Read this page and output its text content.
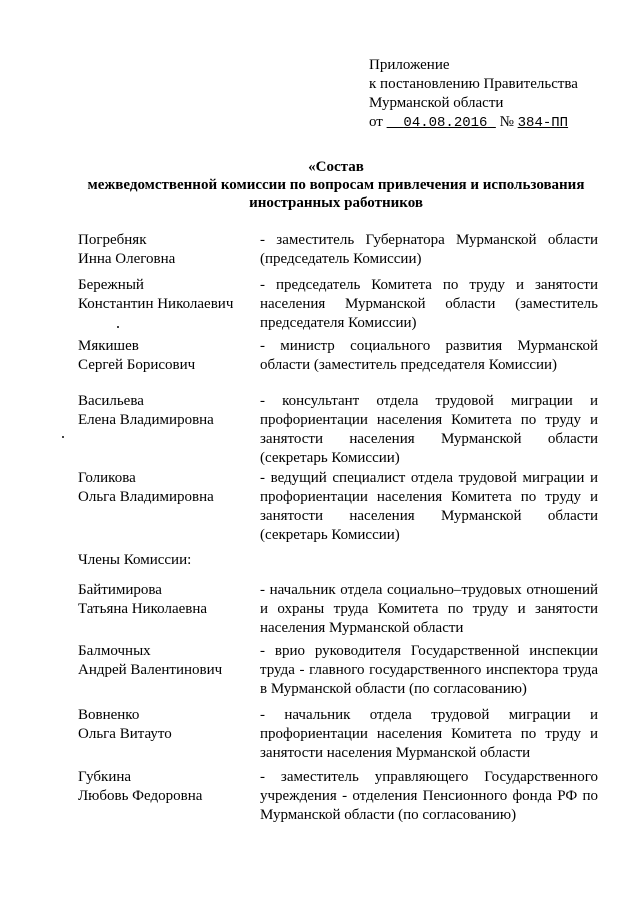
Приложение
к постановлению Правительства
Мурманской области
от 04.08.2016 № 384-ПП
«Состав
межведомственной комиссии по вопросам привлечения и использования
иностранных работников
Погребняк
Инна Олеговна
- заместитель Губернатора Мурманской области (председатель Комиссии)
Бережный
Константин Николаевич
- председатель Комитета по труду и занятости населения Мурманской области (заместитель председателя Комиссии)
Мякишев
Сергей Борисович
- министр социального развития Мурманской области (заместитель председателя Комиссии)
Васильева
Елена Владимировна
- консультант отдела трудовой миграции и профориентации населения Комитета по труду и занятости населения Мурманской области (секретарь Комиссии)
Голикова
Ольга Владимировна
- ведущий специалист отдела трудовой миграции и профориентации населения Комитета по труду и занятости населения Мурманской области (секретарь Комиссии)
Члены Комиссии:
Байтимирова
Татьяна Николаевна
- начальник отдела социально–трудовых отношений и охраны труда Комитета по труду и занятости населения Мурманской области
Балмочных
Андрей Валентинович
- врио руководителя Государственной инспекции труда - главного государственного инспектора труда в Мурманской области (по согласованию)
Вовненко
Ольга Витауто
- начальник отдела трудовой миграции и профориентации населения Комитета по труду и занятости населения Мурманской области
Губкина
Любовь Федоровна
- заместитель управляющего Государственного учреждения - отделения Пенсионного фонда РФ по Мурманской области (по согласованию)
